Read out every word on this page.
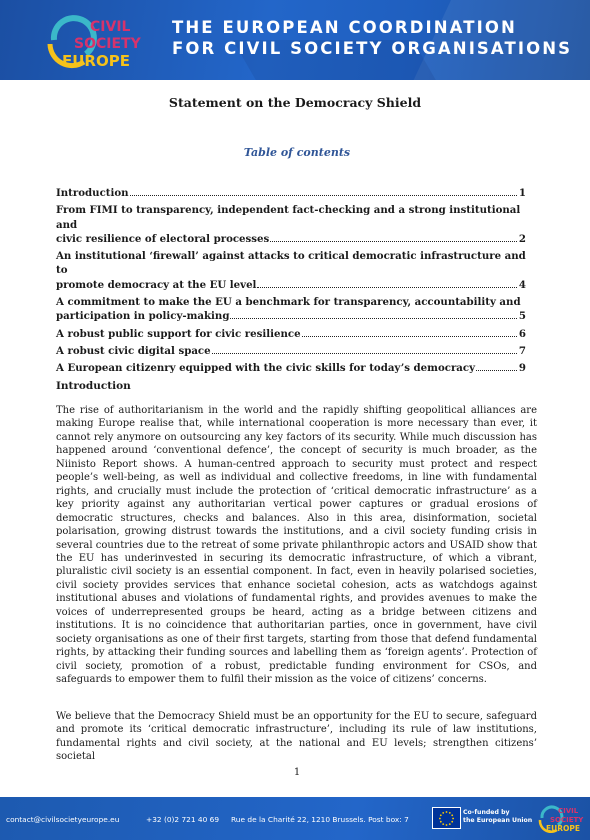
CIVIL
SOCIETY
EUROPE
THE EUROPEAN COORDINATION
FOR CIVIL SOCIETY ORGANISATIONS
Statement on the Democracy Shield
Table of contents
Introduction	1
From FIMI to transparency, independent fact-checking and a strong institutional and
civic resilience of electoral processes	2
An institutional ‘firewall’ against attacks to critical democratic infrastructure and to
promote democracy at the EU level	4
A commitment to make the EU a benchmark for transparency, accountability and
participation in policy-making	5
A robust public support for civic resilience	6
A robust civic digital space	7
A European citizenry equipped with the civic skills for today’s democracy	9
Introduction

The rise of authoritarianism in the world and the rapidly shifting geopolitical alliances are making Europe realise that, while international cooperation is more necessary than ever, it cannot rely anymore on outsourcing any key factors of its security. While much discussion has happened around ‘conventional defence’, the concept of security is much broader, as the Niinisto Report shows. A human-centred approach to security must protect and respect people’s well-being, as well as individual and collective freedoms, in line with fundamental rights, and crucially must include the protection of ‘critical democratic infrastructure’ as a key priority against any authoritarian vertical power captures or gradual erosions of democratic structures, checks and balances. Also in this area, disinformation, societal polarisation, growing distrust towards the institutions, and a civil society funding crisis in several countries due to the retreat of some private philanthropic actors and USAID show that the EU has underinvested in securing its democratic infrastructure, of which a vibrant, pluralistic civil society is an essential component. In fact, even in heavily polarised societies, civil society provides services that enhance societal cohesion, acts as watchdogs against institutional abuses and violations of fundamental rights, and provides avenues to make the voices of underrepresented groups be heard, acting as a bridge between citizens and institutions. It is no coincidence that authoritarian parties, once in government, have civil society organisations as one of their first targets, starting from those that defend fundamental rights, by attacking their funding sources and labelling them as ‘foreign agents’. Protection of civil society, promotion of a robust, predictable funding environment for CSOs, and safeguards to empower them to fulfil their mission as the voice of citizens’ concerns.

We believe that the Democracy Shield must be an opportunity for the EU to secure, safeguard and promote its ‘critical democratic infrastructure’, including its rule of law institutions, fundamental rights and civil society, at the national and EU levels; strengthen citizens’ societal

1
contact@civilsocietyeurope.eu	+32 (0)2 721 40 69 Rue de la Charité 22, 1210 Brussels. Post box: 7
Co-funded by
the European Union
CIVIL
SOCIETY
EUROPE
